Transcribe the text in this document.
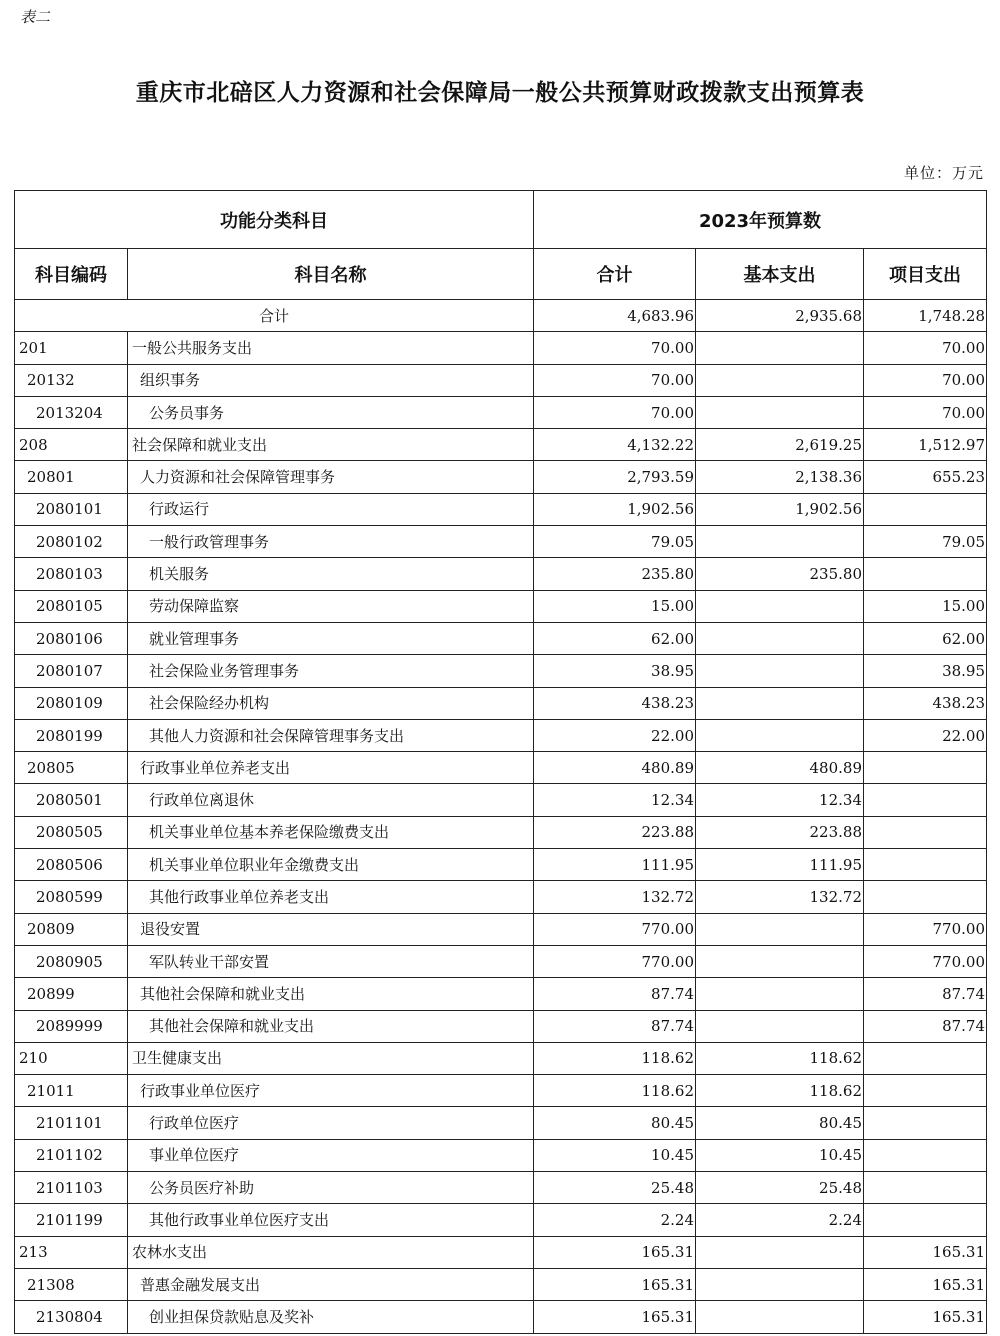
表二
重庆市北碚区人力资源和社会保障局一般公共预算财政拨款支出预算表
单位：万元
功能分类科目		2023年预算数		
科目编码	科目名称	合计	基本支出	项目支出
合计		4,683.96	2,935.68	1,748.28
201	一般公共服务支出	70.00		70.00
20132	组织事务	70.00		70.00
2013204	公务员事务	70.00		70.00
208	社会保障和就业支出	4,132.22	2,619.25	1,512.97
20801	人力资源和社会保障管理事务	2,793.59	2,138.36	655.23
2080101	行政运行	1,902.56	1,902.56	
2080102	一般行政管理事务	79.05		79.05
2080103	机关服务	235.80	235.80	
2080105	劳动保障监察	15.00		15.00
2080106	就业管理事务	62.00		62.00
2080107	社会保险业务管理事务	38.95		38.95
2080109	社会保险经办机构	438.23		438.23
2080199	其他人力资源和社会保障管理事务支出	22.00		22.00
20805	行政事业单位养老支出	480.89	480.89	
2080501	行政单位离退休	12.34	12.34	
2080505	机关事业单位基本养老保险缴费支出	223.88	223.88	
2080506	机关事业单位职业年金缴费支出	111.95	111.95	
2080599	其他行政事业单位养老支出	132.72	132.72	
20809	退役安置	770.00		770.00
2080905	军队转业干部安置	770.00		770.00
20899	其他社会保障和就业支出	87.74		87.74
2089999	其他社会保障和就业支出	87.74		87.74
210	卫生健康支出	118.62	118.62	
21011	行政事业单位医疗	118.62	118.62	
2101101	行政单位医疗	80.45	80.45	
2101102	事业单位医疗	10.45	10.45	
2101103	公务员医疗补助	25.48	25.48	
2101199	其他行政事业单位医疗支出	2.24	2.24	
213	农林水支出	165.31		165.31
21308	普惠金融发展支出	165.31		165.31
2130804	创业担保贷款贴息及奖补	165.31		165.31
